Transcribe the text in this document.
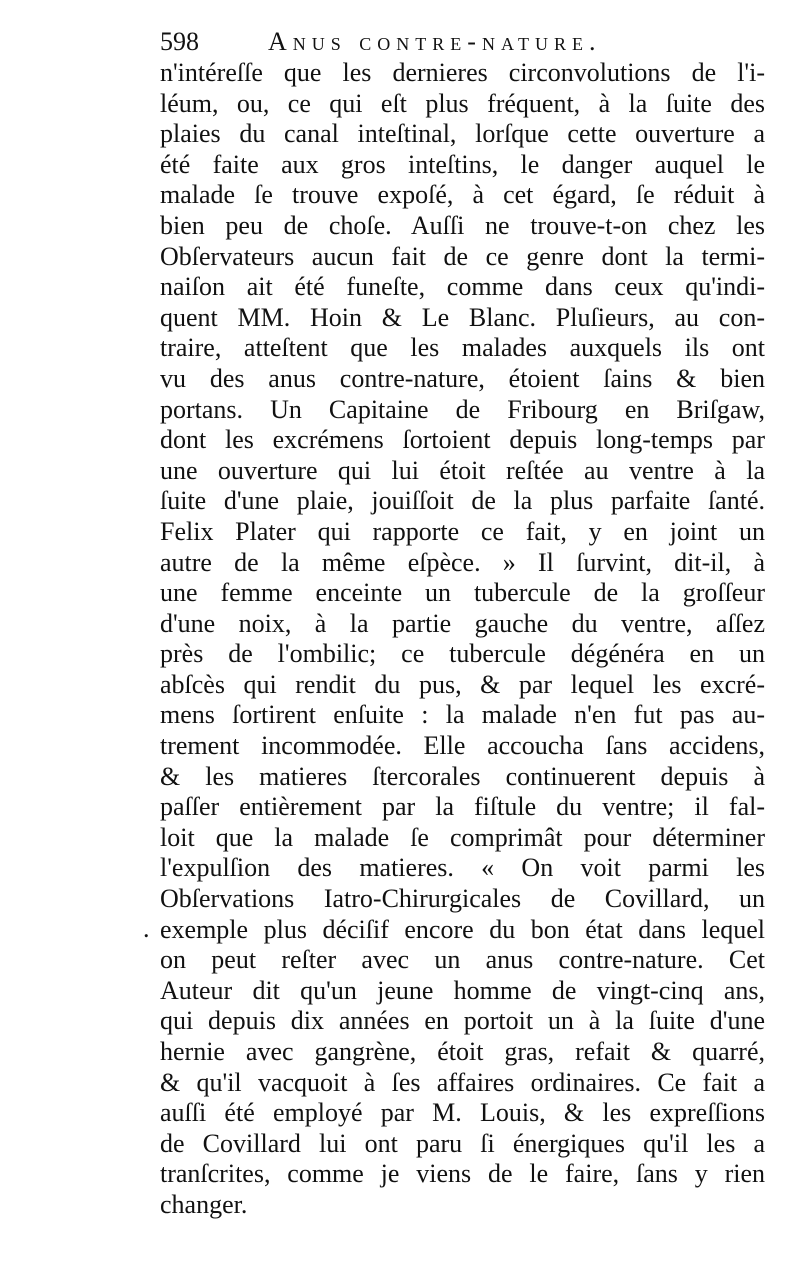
598	Anus contre-nature.
.
n'intéreſſe que les dernieres circonvolutions de l'i-
léum, ou, ce qui eſt plus fréquent, à la ſuite des
plaies du canal inteſtinal, lorſque cette ouverture a
été faite aux gros inteſtins, le danger auquel le
malade ſe trouve expoſé, à cet égard, ſe réduit à
bien peu de choſe. Auſſi ne trouve-t-on chez les
Obſervateurs aucun fait de ce genre dont la termi-
naiſon ait été funeſte, comme dans ceux qu'indi-
quent MM. Hoin & Le Blanc. Pluſieurs, au con-
traire, atteſtent que les malades auxquels ils ont
vu des anus contre-nature, étoient ſains & bien
portans. Un Capitaine de Fribourg en Briſgaw,
dont les excrémens ſortoient depuis long-temps par
une ouverture qui lui étoit reſtée au ventre à la
ſuite d'une plaie, jouiſſoit de la plus parfaite ſanté.
Felix Plater qui rapporte ce fait, y en joint un
autre de la même eſpèce. » Il ſurvint, dit-il, à
une femme enceinte un tubercule de la groſſeur
d'une noix, à la partie gauche du ventre, aſſez
près de l'ombilic; ce tubercule dégénéra en un
abſcès qui rendit du pus, & par lequel les excré-
mens ſortirent enſuite : la malade n'en fut pas au-
trement incommodée. Elle accoucha ſans accidens,
& les matieres ſtercorales continuerent depuis à
paſſer entièrement par la fiſtule du ventre; il fal-
loit que la malade ſe comprimât pour déterminer
l'expulſion des matieres. « On voit parmi les
Obſervations Iatro-Chirurgicales de Covillard, un
exemple plus déciſif encore du bon état dans lequel
on peut reſter avec un anus contre-nature. Cet
Auteur dit qu'un jeune homme de vingt-cinq ans,
qui depuis dix années en portoit un à la ſuite d'une
hernie avec gangrène, étoit gras, refait & quarré,
& qu'il vacquoit à ſes affaires ordinaires. Ce fait a
auſſi été employé par M. Louis, & les expreſſions
de Covillard lui ont paru ſi énergiques qu'il les a
tranſcrites, comme je viens de le faire, ſans y rien
changer.
